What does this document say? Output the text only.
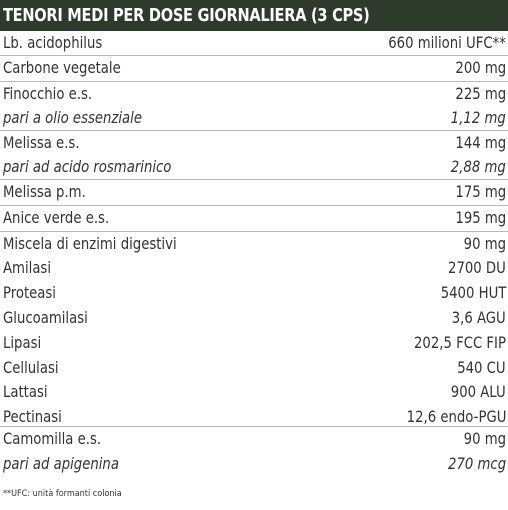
TENORI MEDI PER DOSE GIORNALIERA (3 CPS)
Lb. acidophilus	660 milioni UFC**
Carbone vegetale	200 mg
Finocchio e.s.	225 mg
pari a olio essenziale	1,12 mg
Melissa e.s.	144 mg
pari ad acido rosmarinico	2,88 mg
Melissa p.m.	175 mg
Anice verde e.s.	195 mg
Miscela di enzimi digestivi	90 mg
Amilasi	2700 DU
Proteasi	5400 HUT
Glucoamilasi	3,6 AGU
Lipasi	202,5 FCC FIP
Cellulasi	540 CU
Lattasi	900 ALU
Pectinasi	12,6 endo-PGU
Camomilla e.s.	90 mg
pari ad apigenina	270 mcg
**UFC: unità formanti colonia
